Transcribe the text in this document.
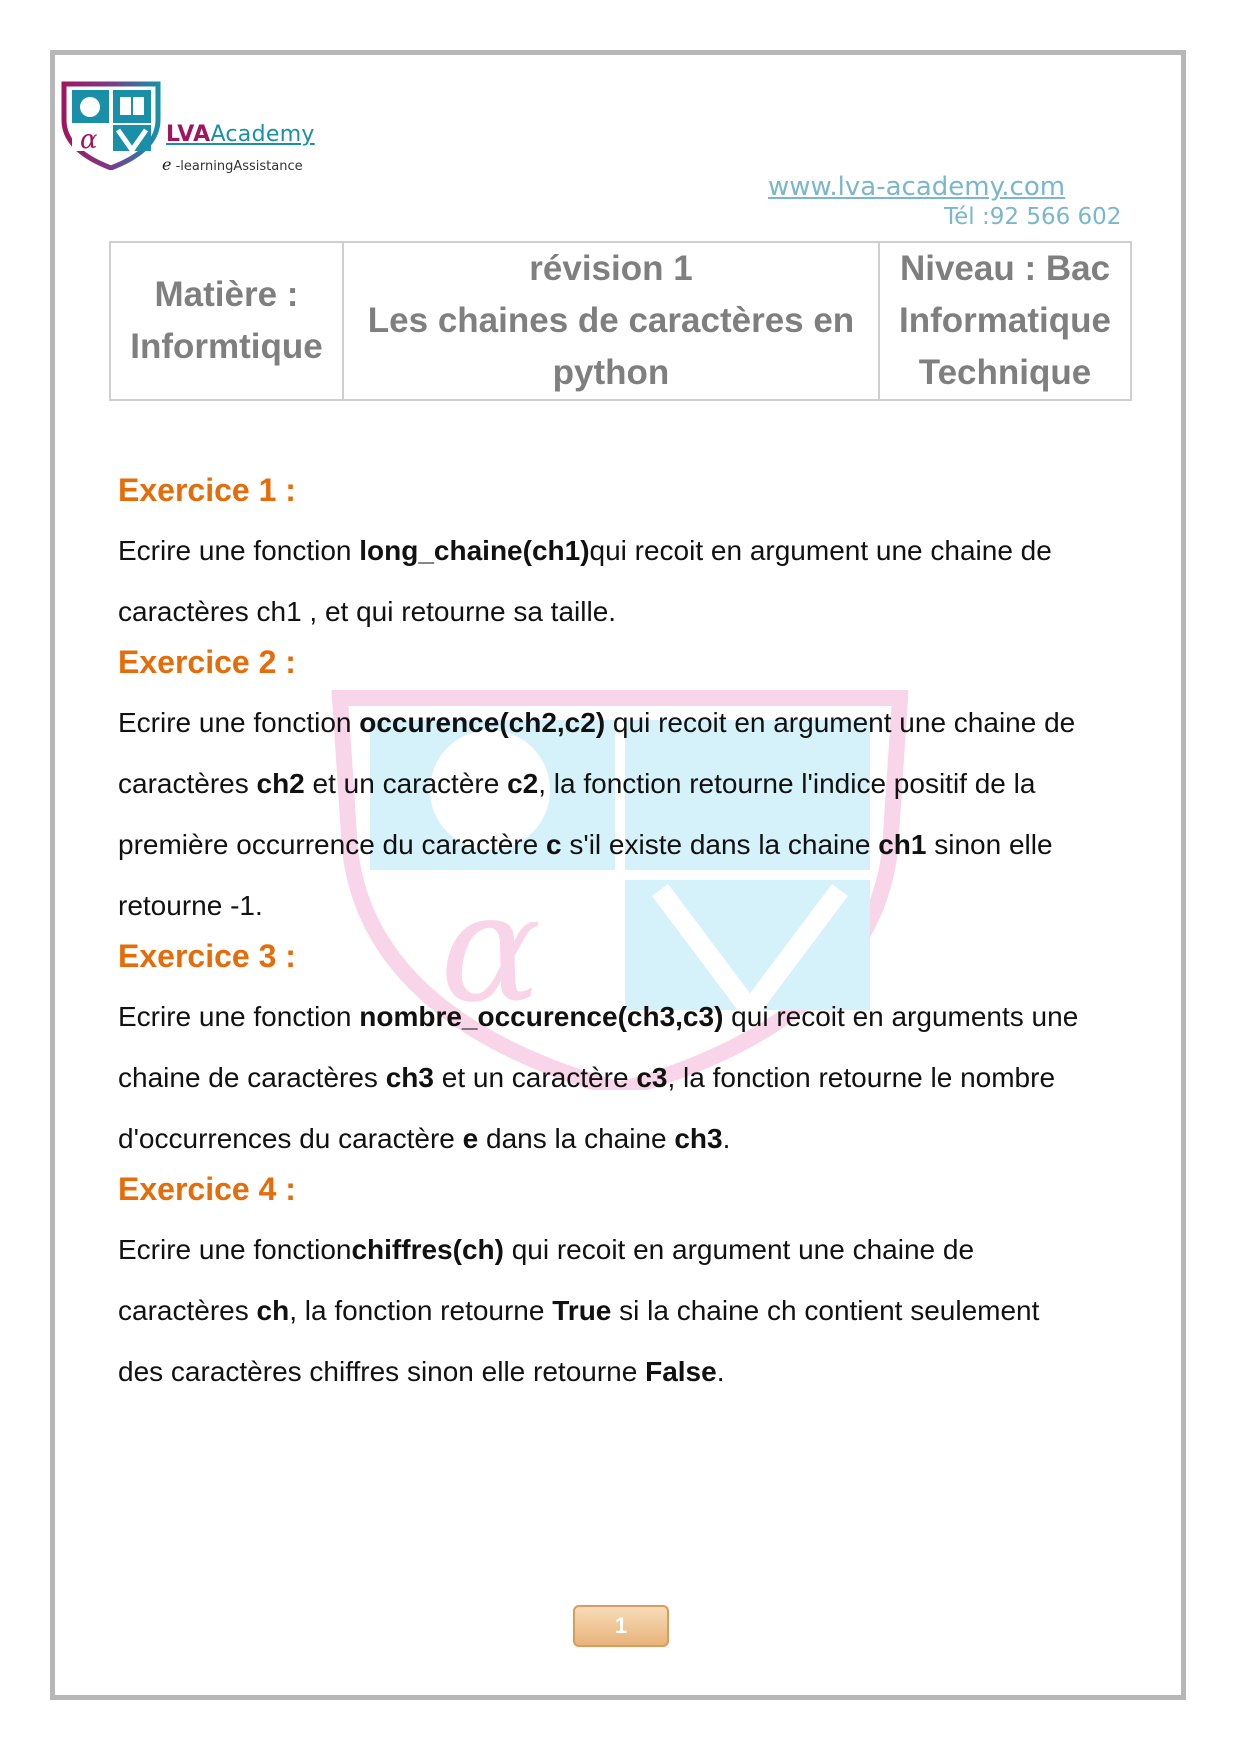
α	LVAAcademy
e -learningAssistance
www.lva-academy.com
Tél :92 566 602
Matière :
Informtique

révision 1
Les chaines de caractères en
python

Niveau : Bac
Informatique
Technique
α
Exercice 1 :

Ecrire une fonction long_chaine(ch1)qui recoit en argument une chaine de

caractères ch1 , et qui retourne sa taille.

Exercice 2 :

Ecrire une fonction occurence(ch2,c2) qui recoit en argument une chaine de

caractères ch2 et un caractère c2, la fonction retourne l'indice positif de la

première occurrence du caractère c s'il existe dans la chaine ch1 sinon elle

retourne -1.

Exercice 3 :

Ecrire une fonction nombre_occurence(ch3,c3) qui recoit en arguments une

chaine de caractères ch3 et un caractère c3, la fonction retourne le nombre

d'occurrences du caractère e dans la chaine ch3.

Exercice 4 :

Ecrire une fonctionchiffres(ch) qui recoit en argument une chaine de

caractères ch, la fonction retourne True si la chaine ch contient seulement

des caractères chiffres sinon elle retourne False.

1
